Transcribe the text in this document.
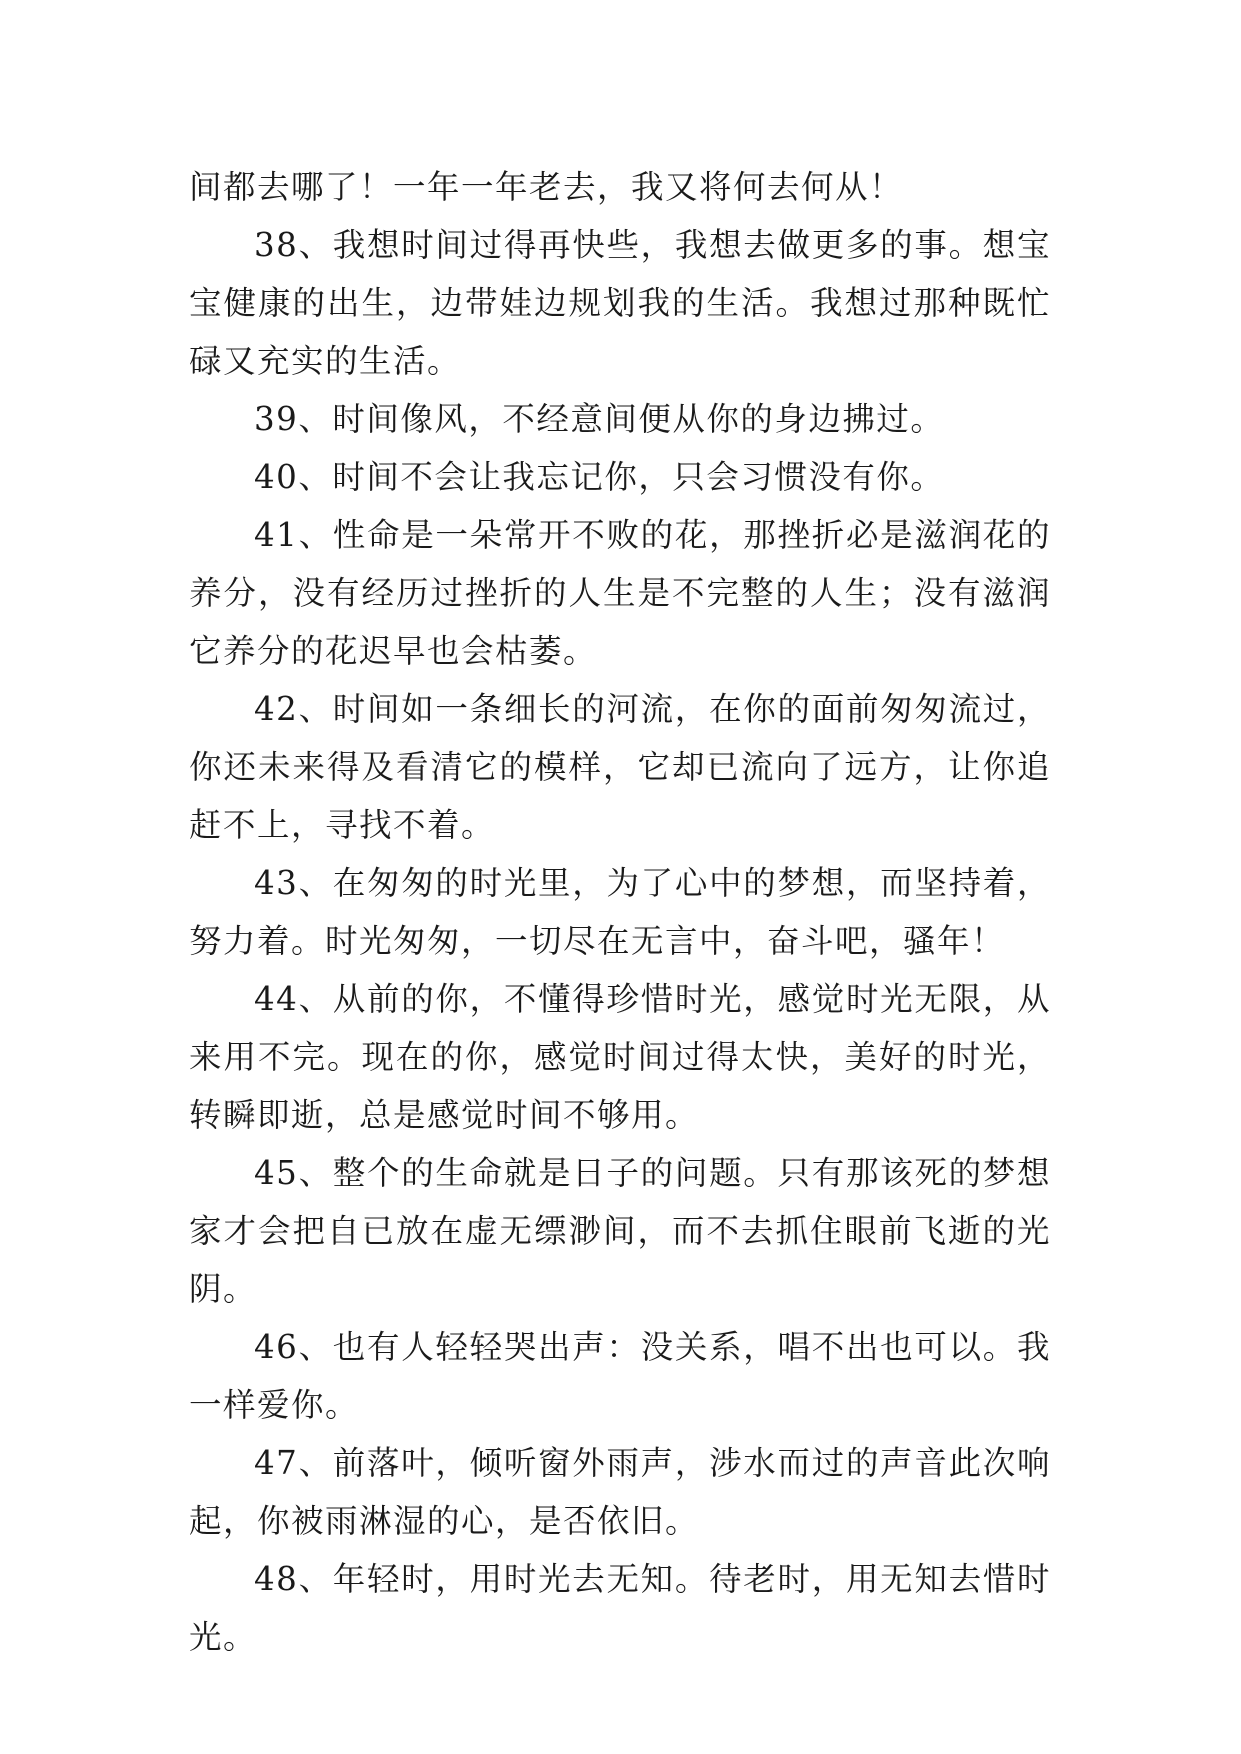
间都去哪了！一年一年老去，我又将何去何从！

38、我想时间过得再快些，我想去做更多的事。想宝宝健康的出生，边带娃边规划我的生活。我想过那种既忙碌又充实的生活。

39、时间像风，不经意间便从你的身边拂过。

40、时间不会让我忘记你，只会习惯没有你。

41、性命是一朵常开不败的花，那挫折必是滋润花的养分，没有经历过挫折的人生是不完整的人生；没有滋润它养分的花迟早也会枯萎。

42、时间如一条细长的河流，在你的面前匆匆流过，你还未来得及看清它的模样，它却已流向了远方，让你追赶不上，寻找不着。

43、在匆匆的时光里，为了心中的梦想，而坚持着，努力着。时光匆匆，一切尽在无言中，奋斗吧，骚年！

44、从前的你，不懂得珍惜时光，感觉时光无限，从来用不完。现在的你，感觉时间过得太快，美好的时光，转瞬即逝，总是感觉时间不够用。

45、整个的生命就是日子的问题。只有那该死的梦想家才会把自已放在虚无缥渺间，而不去抓住眼前飞逝的光阴。

46、也有人轻轻哭出声：没关系，唱不出也可以。我一样爱你。

47、前落叶，倾听窗外雨声，涉水而过的声音此次响起，你被雨淋湿的心，是否依旧。

48、年轻时，用时光去无知。待老时，用无知去惜时光。
